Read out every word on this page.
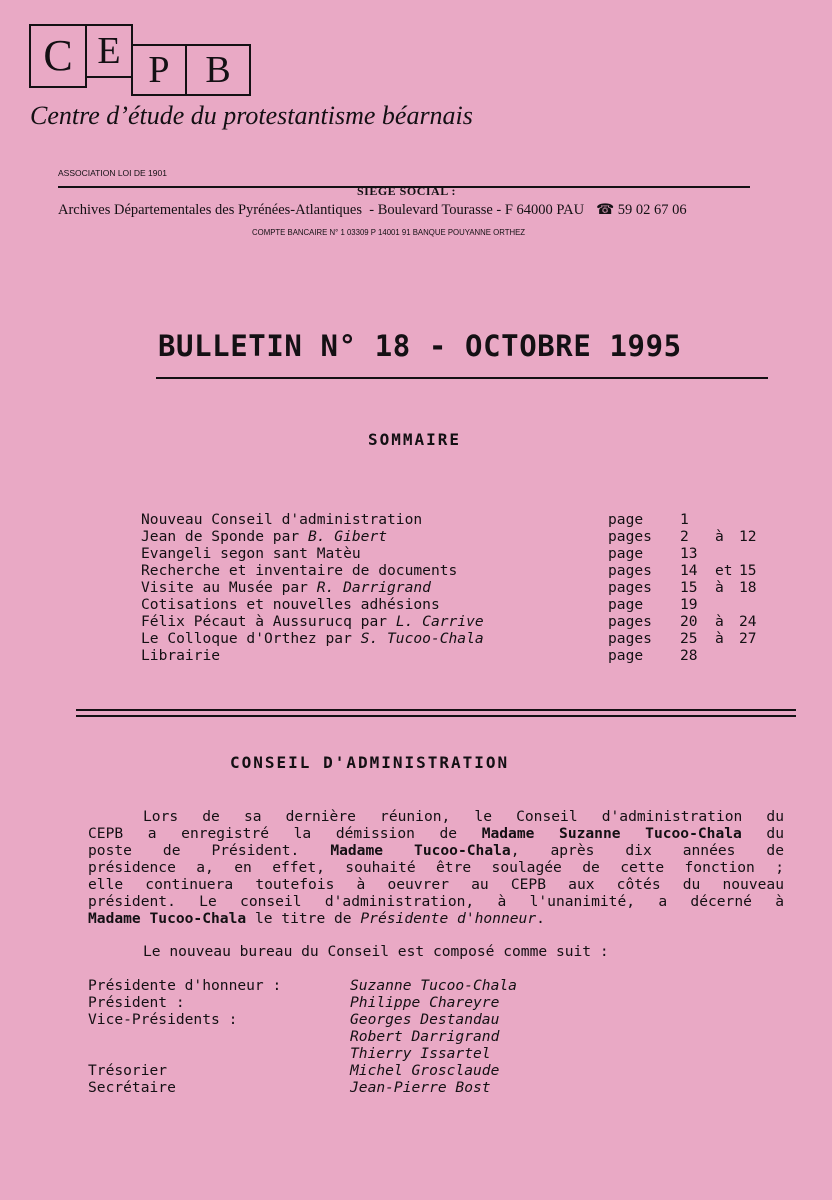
C E P B
Centre d’étude du protestantisme béarnais
ASSOCIATION LOI DE 1901
SIEGE SOCIAL :
Archives Départementales des Pyrénées-Atlantiques  - Boulevard Tourasse - F 64000 PAU ☎ 59 02 67 06
COMPTE BANCAIRE N° 1 03309 P 14001 91 BANQUE POUYANNE ORTHEZ
BULLETIN N° 18 - OCTOBRE 1995
SOMMAIRE
Nouveau Conseil d'administration	page	1
Jean de Sponde par B. Gibert	pages 2 à 12
Evangeli segon sant Matèu	page	13
Recherche et inventaire de documents	pages 14 et 15
Visite au Musée par R. Darrigrand	pages 15 à 18
Cotisations et nouvelles adhésions	page	19
Félix Pécaut à Aussurucq par L. Carrive	pages 20 à 24
Le Colloque d'Orthez par S. Tucoo-Chala	pages 25 à 27
Librairie	page	28
CONSEIL D'ADMINISTRATION
Lors de sa dernière réunion, le Conseil d'administration du
CEPB a enregistré la démission de Madame Suzanne Tucoo-Chala du
poste de Président. Madame Tucoo-Chala, après dix années de
présidence a, en effet, souhaité être soulagée de cette fonction ;
elle continuera toutefois à oeuvrer au CEPB aux côtés du nouveau
président. Le conseil d'administration, à l'unanimité, a décerné à
Madame Tucoo-Chala le titre de Présidente d'honneur.
Le nouveau bureau du Conseil est composé comme suit :
Présidente d'honneur :	Suzanne Tucoo-Chala
Président :	Philippe Chareyre
Vice-Présidents :	Georges Destandau
Robert Darrigrand
Thierry Issartel
Trésorier	Michel Grosclaude
Secrétaire	Jean-Pierre Bost
